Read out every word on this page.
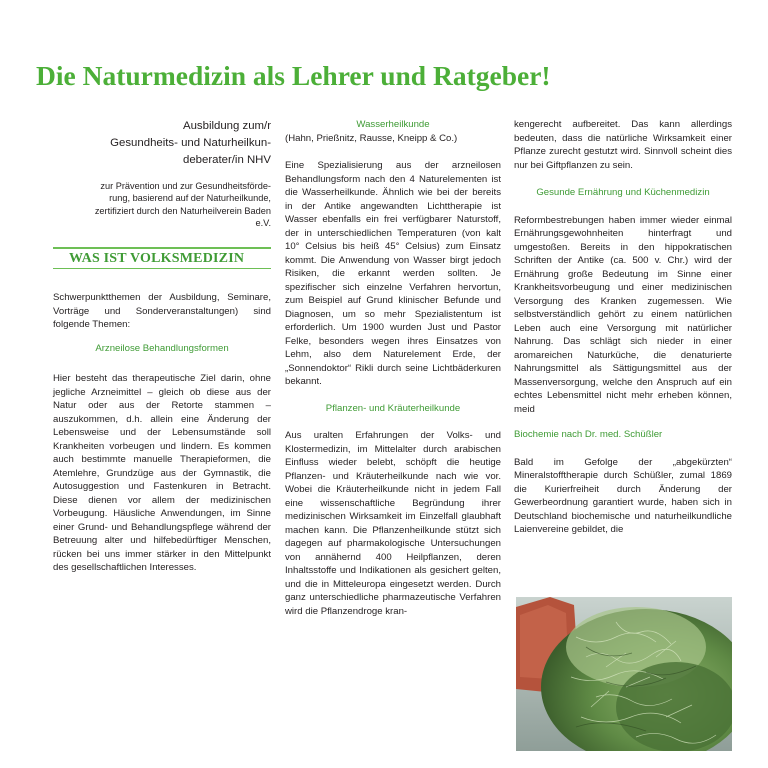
Die Naturmedizin als Lehrer und Ratgeber!
Ausbildung zum/r
Gesundheits- und Naturheilkun-
deberater/in NHV
zur Prävention und zur Gesundheitsförde-
rung, basierend auf der Naturheilkunde,
zertifiziert durch den Naturheilverein Baden
e.V.
WAS IST VOLKSMEDIZIN

Schwerpunktthemen der Ausbildung, Seminare, Vorträge und Sonderveranstaltungen) sind folgende Themen:

Arzneilose Behandlungsformen

Hier besteht das therapeutische Ziel darin, ohne jegliche Arzneimittel – gleich ob diese aus der Natur oder aus der Retorte stammen – auszukommen, d.h. allein eine Änderung der Lebensweise und der Lebensumstände soll Krankheiten vorbeugen und lindern. Es kommen auch bestimmte manuelle Therapieformen, die Atemlehre, Grundzüge aus der Gymnastik, die Autosuggestion und Fastenkuren in Betracht. Diese dienen vor allem der medizinischen Vorbeugung. Häusliche Anwendungen, im Sinne einer Grund- und Behandlungspflege während der Betreuung alter und hilfebedürftiger Menschen, rücken bei uns immer stärker in den Mittelpunkt des gesellschaftlichen Interesses.

Wasserheilkunde

(Hahn, Prießnitz, Rausse, Kneipp & Co.)

Eine Spezialisierung aus der arzneilosen Behandlungsform nach den 4 Naturelementen ist die Wasserheilkunde. Ähnlich wie bei der bereits in der Antike angewandten Lichttherapie ist Wasser ebenfalls ein frei verfügbarer Naturstoff, der in unterschiedlichen Temperaturen (von kalt 10° Celsius bis heiß 45° Celsius) zum Einsatz kommt. Die Anwendung von Wasser birgt jedoch Risiken, die erkannt werden sollten. Je spezifischer sich einzelne Verfahren hervortun, zum Beispiel auf Grund klinischer Befunde und Diagnosen, um so mehr Spezialistentum ist erforderlich. Um 1900 wurden Just und Pastor Felke, besonders wegen ihres Einsatzes von Lehm, also dem Naturelement Erde, der „Sonnendoktor“ Rikli durch seine Lichtbäderkuren bekannt.

Pflanzen- und Kräuterheilkunde

Aus uralten Erfahrungen der Volks- und Klostermedizin, im Mittelalter durch arabischen Einfluss wieder belebt, schöpft die heutige Pflanzen- und Kräuterheilkunde nach wie vor. Wobei die Kräuterheilkunde nicht in jedem Fall eine wissenschaftliche Begründung ihrer medizinischen Wirksamkeit im Einzelfall glaubhaft machen kann. Die Pflanzenheilkunde stützt sich dagegen auf pharmakologische Untersuchungen von annähernd 400 Heilpflanzen, deren Inhaltsstoffe und Indikationen als gesichert gelten, und die in Mitteleuropa eingesetzt werden. Durch ganz unterschiedliche pharmazeutische Verfahren wird die Pflanzendroge kran-

kengerecht aufbereitet. Das kann allerdings bedeuten, dass die natürliche Wirksamkeit einer Pflanze zurecht gestutzt wird. Sinnvoll scheint dies nur bei Giftpflanzen zu sein.

Gesunde Ernährung und Küchenmedizin

Reformbestrebungen haben immer wieder einmal Ernährungsgewohnheiten hinterfragt und umgestoßen. Bereits in den hippokratischen Schriften der Antike (ca. 500 v. Chr.) wird der Ernährung große Bedeutung im Sinne einer Krankheitsvorbeugung und einer medizinischen Versorgung des Kranken zugemessen. Wie selbstverständlich gehört zu einem natürlichen Leben auch eine Versorgung mit natürlicher Nahrung. Das schlägt sich nieder in einer aromareichen Naturküche, die denaturierte Nahrungsmittel als Sättigungsmittel aus der Massenversorgung, welche den Anspruch auf ein echtes Lebensmittel nicht mehr erheben können, meid

Biochemie nach Dr. med. Schüßler

Bald im Gefolge der „abgekürzten“ Mineralstofftherapie durch Schüßler, zumal 1869 die Kurierfreiheit durch Änderung der Gewerbeordnung garantiert wurde, haben sich in Deutschland biochemische und naturheilkundliche Laienvereine gebildet, die
